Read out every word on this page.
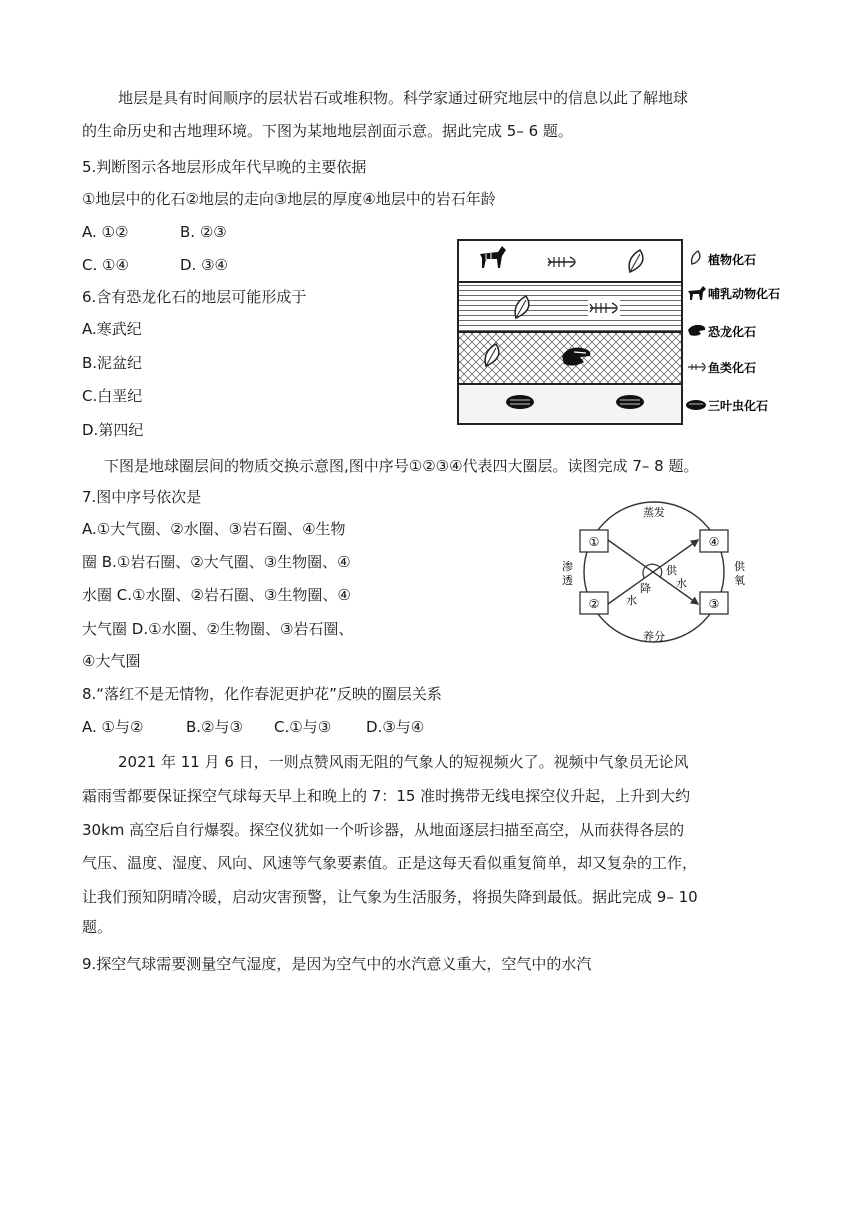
地层是具有时间顺序的层状岩石或堆积物。科学家通过研究地层中的信息以此了解地球
的生命历史和古地理环境。下图为某地地层剖面示意。据此完成 5– 6 题。
5.判断图示各地层形成年代早晚的主要依据
①地层中的化石②地层的走向③地层的厚度④地层中的岩石年龄
A. ①②	B. ②③
C. ①④	D. ③④
6.含有恐龙化石的地层可能形成于
A.寒武纪
B.泥盆纪
C.白垩纪
D.第四纪
植物化石
哺乳动物化石
恐龙化石
鱼类化石
三叶虫化石
下图是地球圈层间的物质交换示意图,图中序号①②③④代表四大圈层。读图完成 7– 8 题。
7.图中序号依次是
A.①大气圈、②水圈、③岩石圈、④生物
圈 B.①岩石圈、②大气圈、③生物圈、④
水圈 C.①水圈、②岩石圈、③生物圈、④
大气圈 D.①水圈、②生物圈、③岩石圈、
④大气圈
①	④
②	③
蒸发
养分
渗
透
供
氧
供
水
降
水
8.“落红不是无情物，化作春泥更护花”反映的圈层关系
A. ①与②	B.②与③ C.①与③ D.③与④
2021 年 11 月 6 日，一则点赞风雨无阻的气象人的短视频火了。视频中气象员无论风
霜雨雪都要保证探空气球每天早上和晚上的 7：15 准时携带无线电探空仪升起，上升到大约
30km 高空后自行爆裂。探空仪犹如一个听诊器，从地面逐层扫描至高空，从而获得各层的
气压、温度、湿度、风向、风速等气象要素值。正是这每天看似重复简单，却又复杂的工作，
让我们预知阴晴冷暖，启动灾害预警，让气象为生活服务，将损失降到最低。据此完成 9– 10
题。
9.探空气球需要测量空气湿度，是因为空气中的水汽意义重大，空气中的水汽
